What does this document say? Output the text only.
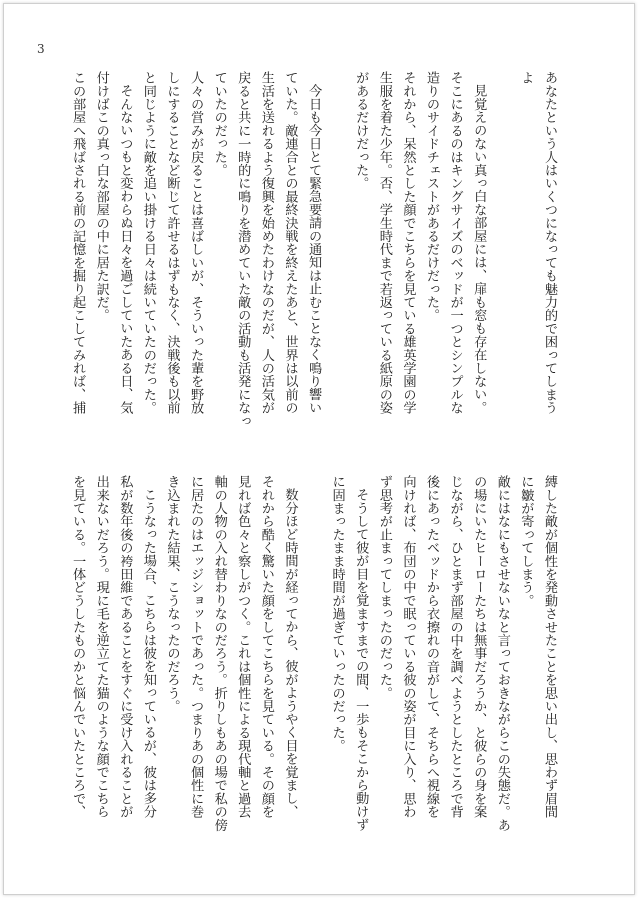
3
あなたという人はいくつになっても魅力的で困ってしまう
よ
見覚えのない真っ白な部屋には、扉も窓も存在しない。
そこにあるのはキングサイズのベッドが一つとシンプルな
造りのサイドチェストがあるだけだった。
それから、呆然とした顔でこちらを見ている雄英学園の学
生服を着た少年。否、学生時代まで若返っている紙原の姿
があるだけだった。
今日も今日とて緊急要請の通知は止むことなく鳴り響い
ていた。敵連合との最終決戦を終えたあと、世界は以前の
生活を送れるよう復興を始めたわけなのだが、人の活気が
戻ると共に一時的に鳴りを潜めていた敵の活動も活発になっ
ていたのだった。
人々の営みが戻ることは喜ばしいが、そういった輩を野放
しにすることなど断じて許せるはずもなく、決戦後も以前
と同じように敵を追い掛ける日々は続いていたのだった。
そんないつもと変わらぬ日々を過ごしていたある日、気
付けばこの真っ白な部屋の中に居た訳だ。
この部屋へ飛ばされる前の記憶を掘り起こしてみれば、捕
縛した敵が個性を発動させたことを思い出し、思わず眉間
に皺が寄ってしまう。
敵にはなにもさせないなと言っておきながらこの失態だ。あ
の場にいたヒーローたちは無事だろうか、と彼らの身を案
じながら、ひとまず部屋の中を調べようとしたところで背
後にあったベッドから衣擦れの音がして、そちらへ視線を
向ければ、布団の中で眠っている彼の姿が目に入り、思わ
ず思考が止まってしまったのだった。
そうして彼が目を覚ますまでの間、一歩もそこから動けず
に固まったまま時間が過ぎていったのだった。
数分ほど時間が経ってから、彼がようやく目を覚まし、
それから酷く驚いた顔をしてこちらを見ている。その顔を
見れば色々と察しがつく。これは個性による現代軸と過去
軸の人物の入れ替わりなのだろう。折りしもあの場で私の傍
に居たのはエッジショットであった。つまりあの個性に巻
き込まれた結果、こうなったのだろう。
こうなった場合、こちらは彼を知っているが、彼は多分
私が数年後の袴田維であることをすぐに受け入れることが
出来ないだろう。現に毛を逆立てた猫のような顔でこちら
を見ている。一体どうしたものかと悩んでいたところで、
